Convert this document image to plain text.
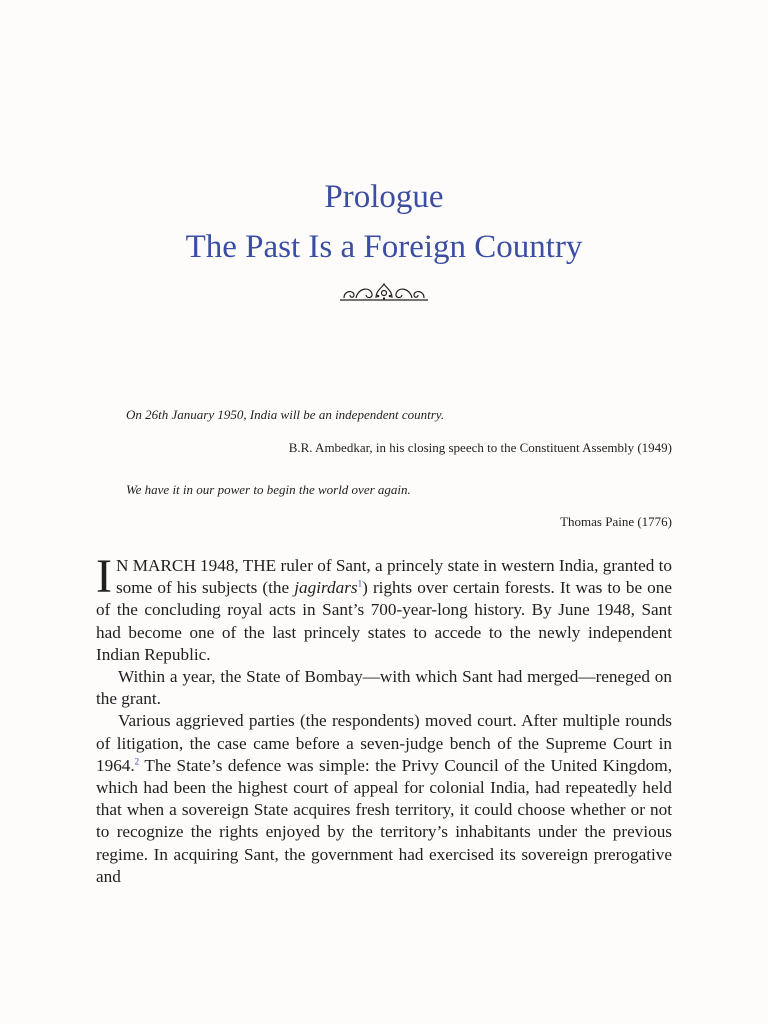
Prologue
The Past Is a Foreign Country
On 26th January 1950, India will be an independent country.
B.R. Ambedkar, in his closing speech to the Constituent Assembly (1949)
We have it in our power to begin the world over again.
Thomas Paine (1776)

I N MARCH 1948, THE ruler of Sant, a princely state in western India, granted to some of his subjects (the jagirdars$^1$) rights over certain forests. It was to be one of the concluding royal acts in Sant’s 700-year-long history. By June 1948, Sant had become one of the last princely states to accede to the newly independent Indian Republic.

Within a year, the State of Bombay—with which Sant had merged—reneged on the grant.

Various aggrieved parties (the respondents) moved court. After multiple rounds of litigation, the case came before a seven-judge bench of the Supreme Court in 1964.$^2$ The State’s defence was simple: the Privy Council of the United Kingdom, which had been the highest court of appeal for colonial India, had repeatedly held that when a sovereign State acquires fresh territory, it could choose whether or not to recognize the rights enjoyed by the territory’s inhabitants under the previous regime. In acquiring Sant, the government had exercised its sovereign prerogative and
